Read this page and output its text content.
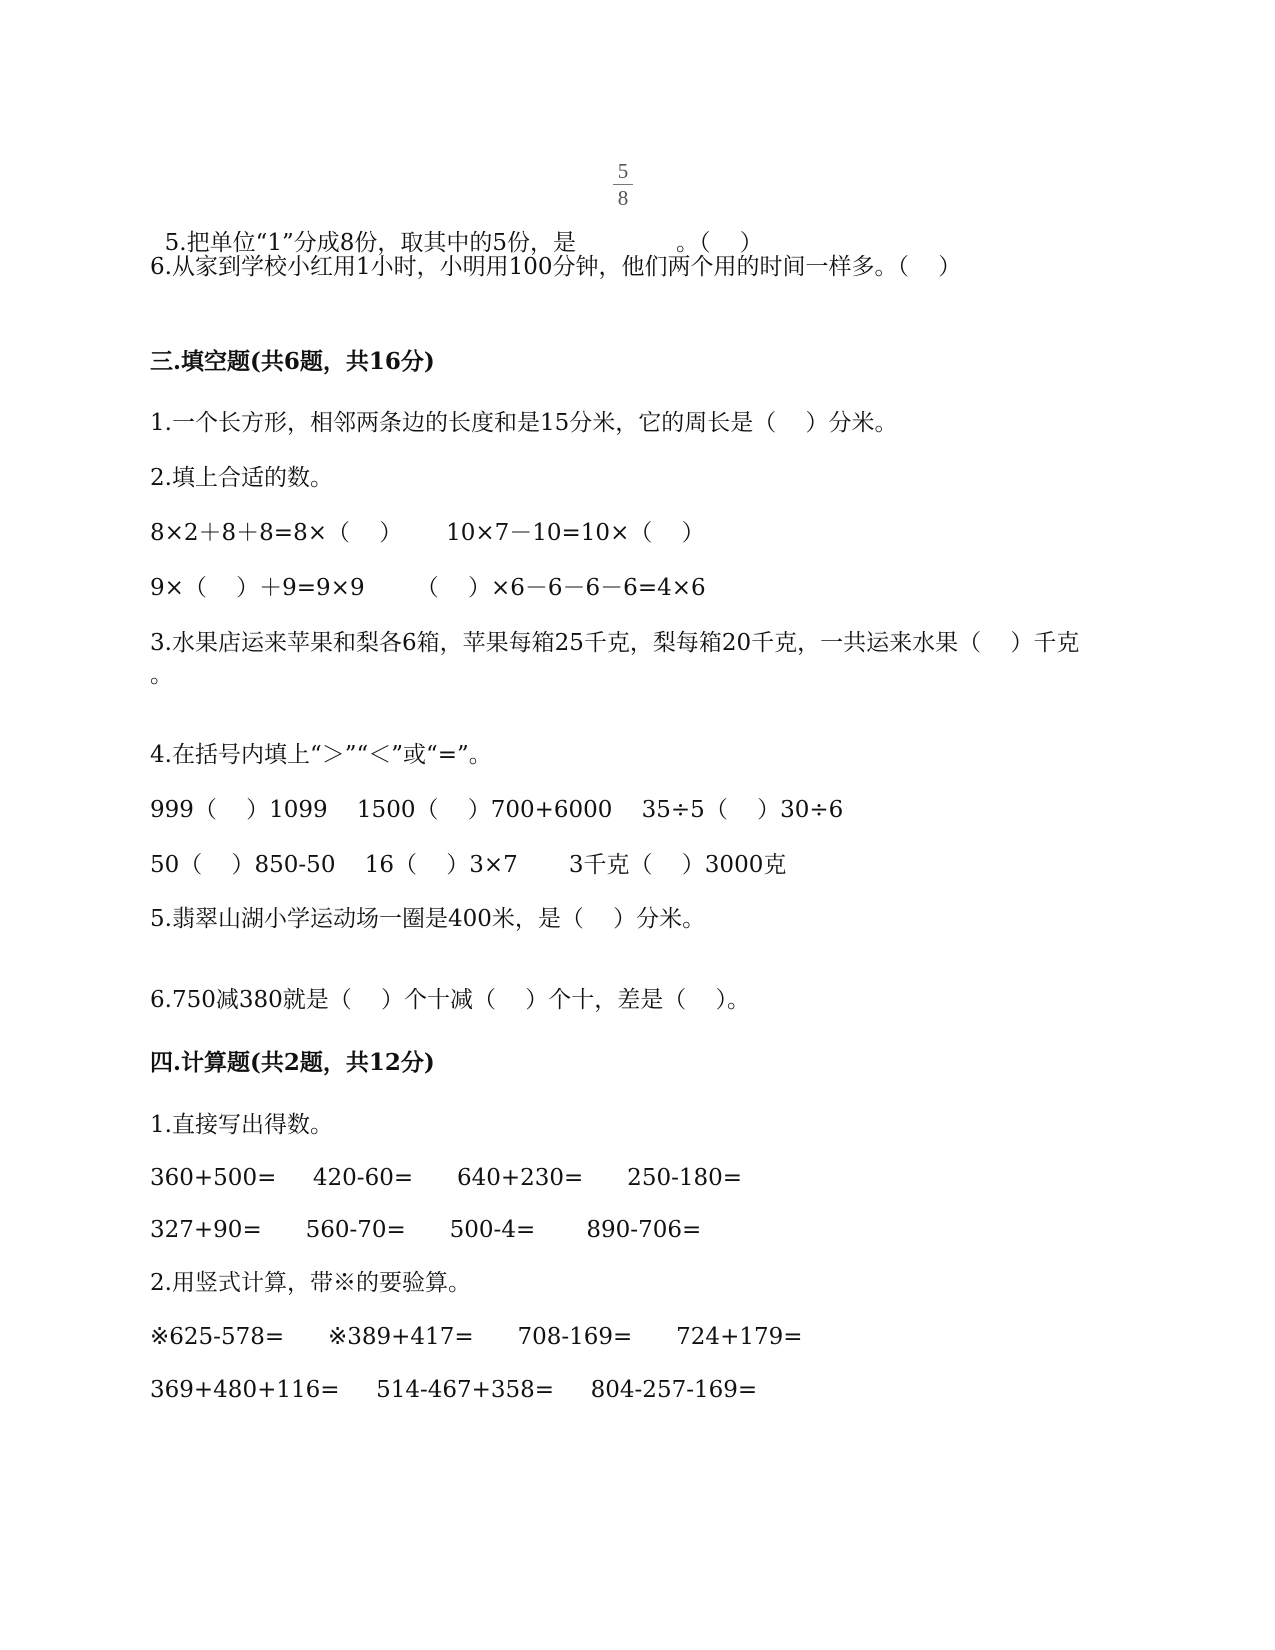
5.把单位“1”分成8份，取其中的5份，是	。（    ）

5
8
6.从家到学校小红用1小时，小明用100分钟，他们两个用的时间一样多。（    ）
三.填空题(共6题，共16分)
1.一个长方形，相邻两条边的长度和是15分米，它的周长是（    ）分米。
2.填上合适的数。
8×2＋8＋8=8×（    ）      10×7－10=10×（    ）
9×（    ）＋9=9×9       （    ）×6－6－6－6=4×6
3.水果店运来苹果和梨各6箱，苹果每箱25千克，梨每箱20千克，一共运来水果（    ）千克
。
4.在括号内填上“＞”“＜”或“=”。
999（    ）1099    1500（    ）700+6000    35÷5（    ）30÷6
50（    ）850-50    16（    ）3×7       3千克（    ）3000克
5.翡翠山湖小学运动场一圈是400米，是（    ）分米。
6.750减380就是（    ）个十减（    ）个十，差是（    ）。
四.计算题(共2题，共12分)
1.直接写出得数。
360+500=     420-60=      640+230=      250-180=
327+90=      560-70=      500-4=       890-706=
2.用竖式计算，带※的要验算。
※625-578=      ※389+417=      708-169=      724+179=
369+480+116=     514-467+358=     804-257-169=
